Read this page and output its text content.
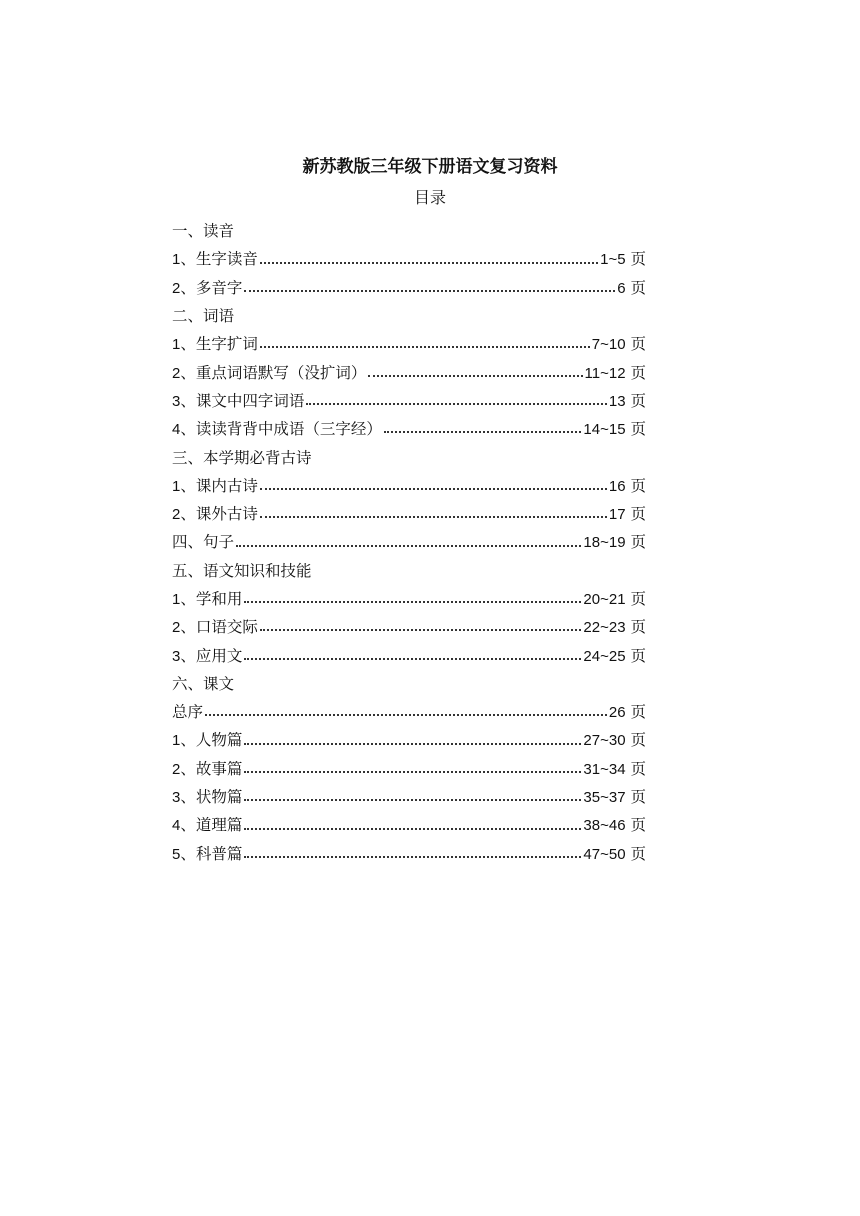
新苏教版三年级下册语文复习资料
目录
一、读音
1、生字读音	1~5 页
2、多音字	6 页
二、词语
1、生字扩词	7~10 页
2、重点词语默写（没扩词）	11~12 页
3、课文中四字词语	13 页
4、读读背背中成语（三字经）	14~15 页
三、本学期必背古诗
1、课内古诗	16 页
2、课外古诗	17 页
四、句子	18~19 页
五、语文知识和技能
1、学和用	20~21 页
2、口语交际	22~23 页
3、应用文	24~25 页
六、课文
总序	26 页
1、人物篇	27~30 页
2、故事篇	31~34 页
3、状物篇	35~37 页
4、道理篇	38~46 页
5、科普篇	47~50 页
